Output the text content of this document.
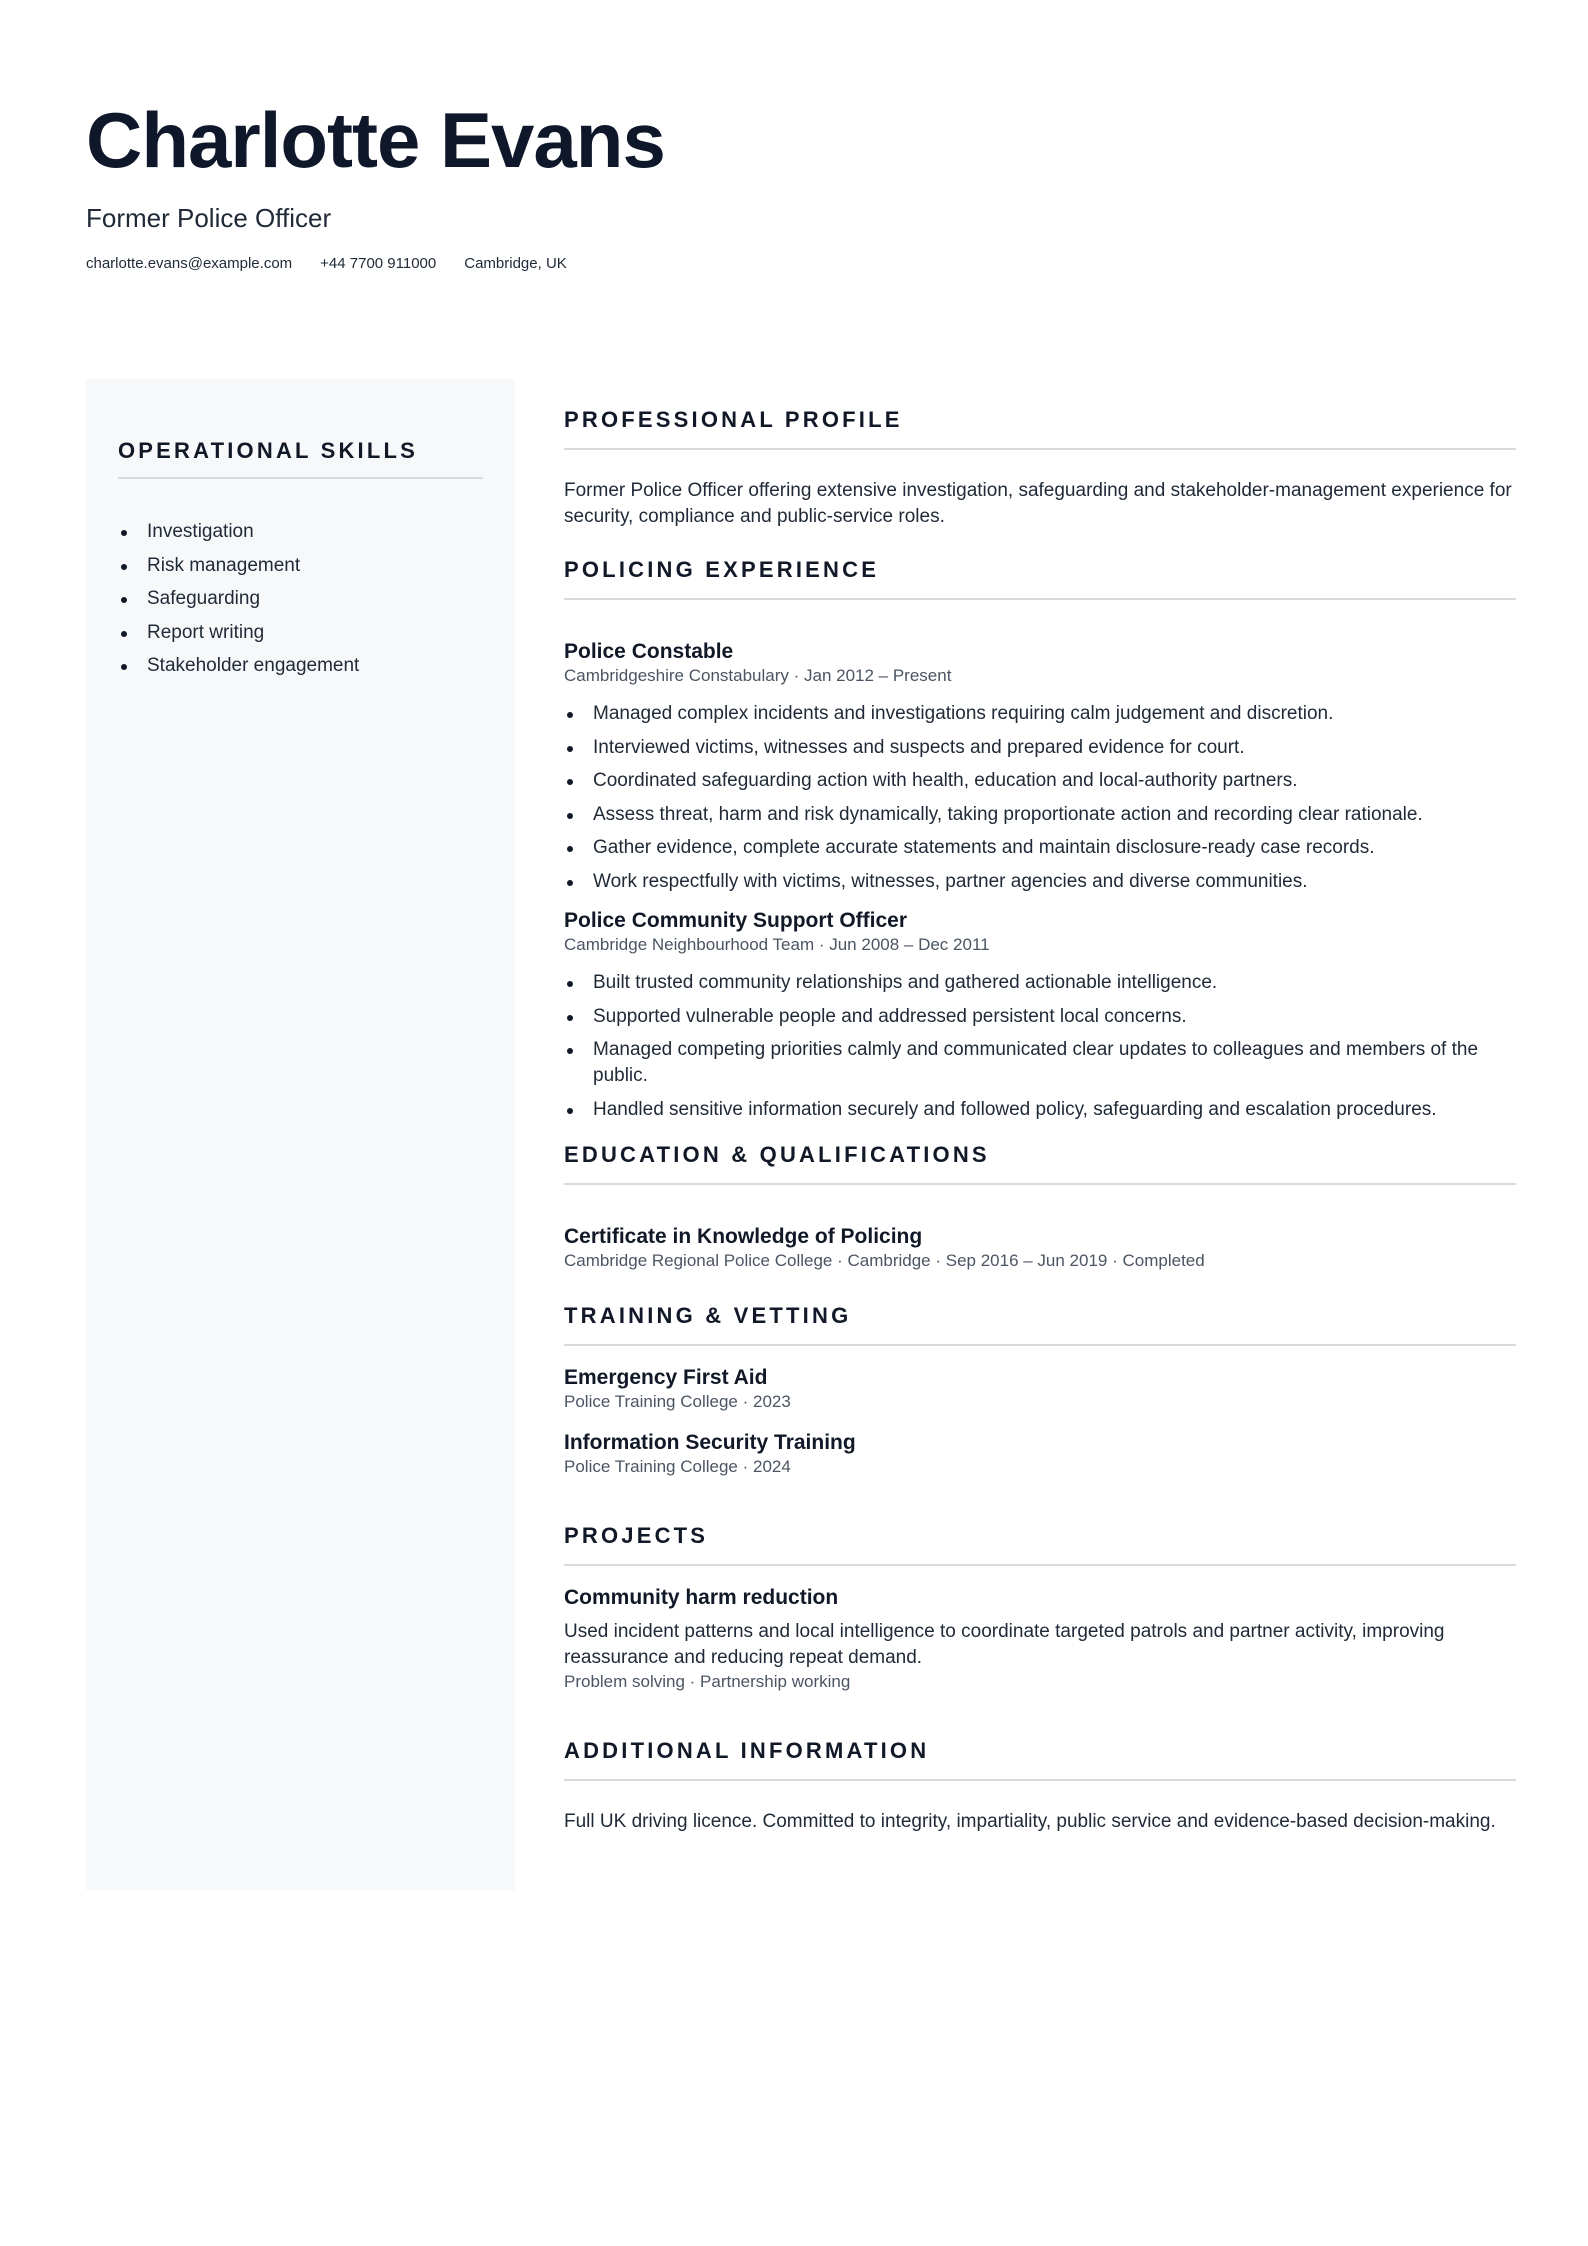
Charlotte Evans
Former Police Officer
charlotte.evans@example.com +44 7700 911000 Cambridge, UK
OPERATIONAL SKILLS
Investigation
Risk management
Safeguarding
Report writing
Stakeholder engagement
PROFESSIONAL PROFILE
Former Police Officer offering extensive investigation, safeguarding and stakeholder-management experience for security, compliance and public-service roles.
POLICING EXPERIENCE
Police Constable
Cambridgeshire Constabulary · Jan 2012 – Present
Managed complex incidents and investigations requiring calm judgement and discretion.
Interviewed victims, witnesses and suspects and prepared evidence for court.
Coordinated safeguarding action with health, education and local-authority partners.
Assess threat, harm and risk dynamically, taking proportionate action and recording clear rationale.
Gather evidence, complete accurate statements and maintain disclosure-ready case records.
Work respectfully with victims, witnesses, partner agencies and diverse communities.
Police Community Support Officer
Cambridge Neighbourhood Team · Jun 2008 – Dec 2011
Built trusted community relationships and gathered actionable intelligence.
Supported vulnerable people and addressed persistent local concerns.
Managed competing priorities calmly and communicated clear updates to colleagues and members of the public.
Handled sensitive information securely and followed policy, safeguarding and escalation procedures.
EDUCATION & QUALIFICATIONS
Certificate in Knowledge of Policing
Cambridge Regional Police College · Cambridge · Sep 2016 – Jun 2019 · Completed
TRAINING & VETTING
Emergency First Aid
Police Training College · 2023
Information Security Training
Police Training College · 2024
PROJECTS
Community harm reduction
Used incident patterns and local intelligence to coordinate targeted patrols and partner activity, improving reassurance and reducing repeat demand.
Problem solving · Partnership working
ADDITIONAL INFORMATION
Full UK driving licence. Committed to integrity, impartiality, public service and evidence-based decision-making.
